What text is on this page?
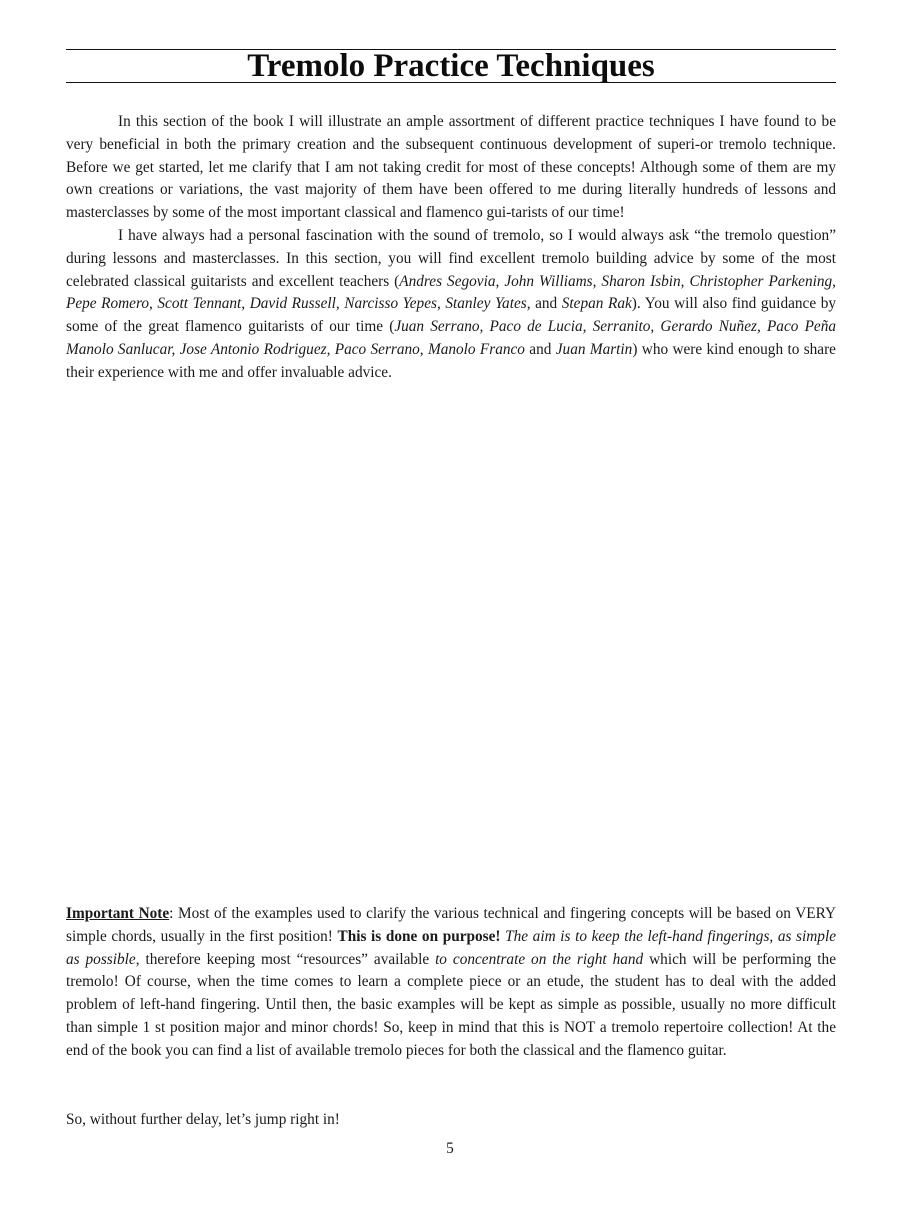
Tremolo Practice Techniques

In this section of the book I will illustrate an ample assortment of different practice techniques I have found to be very beneficial in both the primary creation and the subsequent continuous development of superi-or tremolo technique. Before we get started, let me clarify that I am not taking credit for most of these concepts! Although some of them are my own creations or variations, the vast majority of them have been offered to me during literally hundreds of lessons and masterclasses by some of the most important classical and flamenco gui-tarists of our time!

I have always had a personal fascination with the sound of tremolo, so I would always ask “the tremolo question” during lessons and masterclasses. In this section, you will find excellent tremolo building advice by some of the most celebrated classical guitarists and excellent teachers (Andres Segovia, John Williams, Sharon Isbin, Christopher Parkening, Pepe Romero, Scott Tennant, David Russell, Narcisso Yepes, Stanley Yates, and Stepan Rak). You will also find guidance by some of the great flamenco guitarists of our time (Juan Serrano, Paco de Lucia, Serranito, Gerardo Nuñez, Paco Peña Manolo Sanlucar, Jose Antonio Rodriguez, Paco Serrano, Manolo Franco and Juan Martin) who were kind enough to share their experience with me and offer invaluable advice.

Important Note: Most of the examples used to clarify the various technical and fingering concepts will be based on VERY simple chords, usually in the first position! This is done on purpose! The aim is to keep the left-hand fingerings, as simple as possible, therefore keeping most “resources” available to concentrate on the right hand which will be performing the tremolo! Of course, when the time comes to learn a complete piece or an etude, the student has to deal with the added problem of left-hand fingering. Until then, the basic examples will be kept as simple as possible, usually no more difficult than simple 1 st position major and minor chords! So, keep in mind that this is NOT a tremolo repertoire collection! At the end of the book you can find a list of available tremolo pieces for both the classical and the flamenco guitar.

So, without further delay, let’s jump right in!

5
